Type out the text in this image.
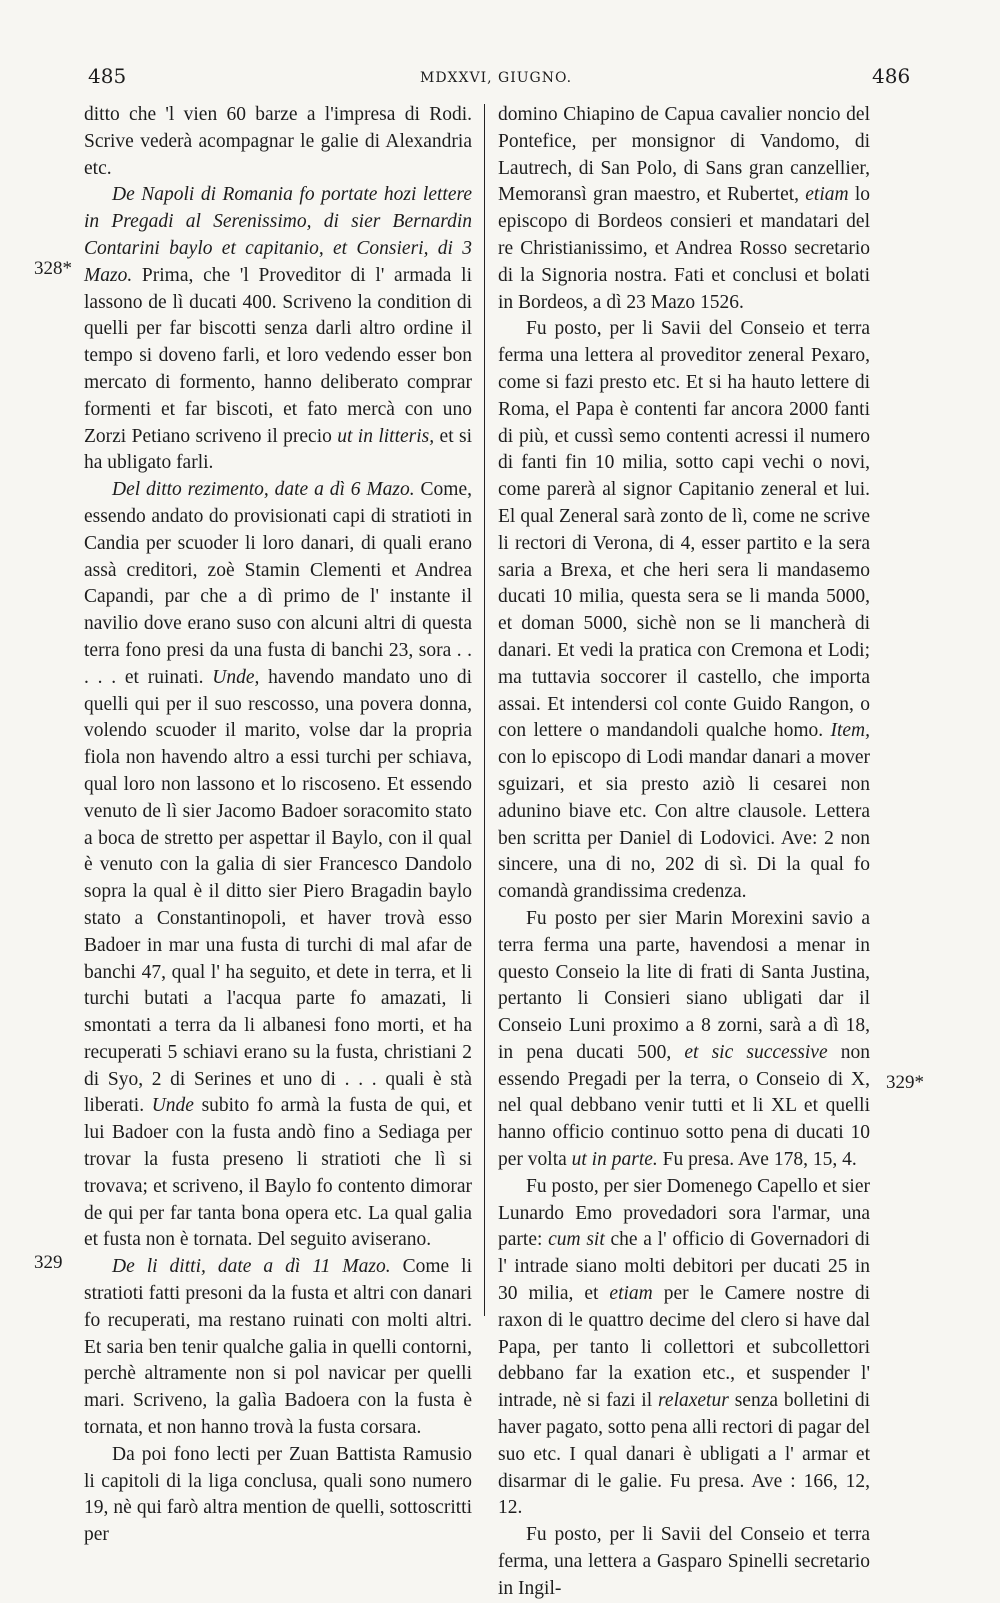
485	MDXXVI, GIUGNO.	486
328*
329
329*

ditto che 'l vien 60 barze a l'impresa di Rodi. Scrive vederà acompagnar le galie di Alexandria etc.

De Napoli di Romania fo portate hozi lettere in Pregadi al Serenissimo, di sier Bernardin Contarini baylo et capitanio, et Consieri, di 3 Mazo. Prima, che 'l Proveditor di l' armada li lassono de lì ducati 400. Scriveno la condition di quelli per far biscotti senza darli altro ordine il tempo si doveno farli, et loro vedendo esser bon mercato di formento, hanno deliberato comprar formenti et far biscoti, et fato mercà con uno Zorzi Petiano scriveno il precio ut in litteris, et si ha ubligato farli.

Del ditto rezimento, date a dì 6 Mazo. Come, essendo andato do provisionati capi di stratioti in Candia per scuoder li loro danari, di quali erano assà creditori, zoè Stamin Clementi et Andrea Capandi, par che a dì primo de l' instante il navilio dove erano suso con alcuni altri di questa terra fono presi da una fusta di banchi 23, sora . . . . . et ruinati. Unde, havendo mandato uno di quelli qui per il suo rescosso, una povera donna, volendo scuoder il marito, volse dar la propria fiola non havendo altro a essi turchi per schiava, qual loro non lassono et lo riscoseno. Et essendo venuto de lì sier Jacomo Badoer soracomito stato a boca de stretto per aspettar il Baylo, con il qual è venuto con la galia di sier Francesco Dandolo sopra la qual è il ditto sier Piero Bragadin baylo stato a Constantinopoli, et haver trovà esso Badoer in mar una fusta di turchi di mal afar de banchi 47, qual l' ha seguito, et dete in terra, et li turchi butati a l'acqua parte fo amazati, li smontati a terra da li albanesi fono morti, et ha recuperati 5 schiavi erano su la fusta, christiani 2 di Syo, 2 di Serines et uno di . . . quali è stà liberati. Unde subito fo armà la fusta de qui, et lui Badoer con la fusta andò fino a Sediaga per trovar la fusta preseno li stratioti che lì si trovava; et scriveno, il Baylo fo contento dimorar de qui per far tanta bona opera etc. La qual galia et fusta non è tornata. Del seguito aviserano.

De li ditti, date a dì 11 Mazo. Come li stratioti fatti presoni da la fusta et altri con danari fo recuperati, ma restano ruinati con molti altri. Et saria ben tenir qualche galia in quelli contorni, perchè altramente non si pol navicar per quelli mari. Scriveno, la galìa Badoera con la fusta è tornata, et non hanno trovà la fusta corsara.

Da poi fono lecti per Zuan Battista Ramusio li capitoli di la liga conclusa, quali sono numero 19, nè qui farò altra mention de quelli, sottoscritti per

domino Chiapino de Capua cavalier noncio del Pontefice, per monsignor di Vandomo, di Lautrech, di San Polo, di Sans gran canzellier, Memoransì gran maestro, et Rubertet, etiam lo episcopo di Bordeos consieri et mandatari del re Christianissimo, et Andrea Rosso secretario di la Signoria nostra. Fati et conclusi et bolati in Bordeos, a dì 23 Mazo 1526.

Fu posto, per li Savii del Conseio et terra ferma una lettera al proveditor zeneral Pexaro, come si fazi presto etc. Et si ha hauto lettere di Roma, el Papa è contenti far ancora 2000 fanti di più, et cussì semo contenti acressi il numero di fanti fin 10 milia, sotto capi vechi o novi, come parerà al signor Capitanio zeneral et lui. El qual Zeneral sarà zonto de lì, come ne scrive li rectori di Verona, di 4, esser partito e la sera saria a Brexa, et che heri sera li mandasemo ducati 10 milia, questa sera se li manda 5000, et doman 5000, sichè non se li mancherà di danari. Et vedi la pratica con Cremona et Lodi; ma tuttavia soccorer il castello, che importa assai. Et intendersi col conte Guido Rangon, o con lettere o mandandoli qualche homo. Item, con lo episcopo di Lodi mandar danari a mover sguizari, et sia presto aziò li cesarei non adunino biave etc. Con altre clausole. Lettera ben scritta per Daniel di Lodovici. Ave: 2 non sincere, una di no, 202 di sì. Di la qual fo comandà grandissima credenza.

Fu posto per sier Marin Morexini savio a terra ferma una parte, havendosi a menar in questo Conseio la lite di frati di Santa Justina, pertanto li Consieri siano ubligati dar il Conseio Luni proximo a 8 zorni, sarà a dì 18, in pena ducati 500, et sic successive non essendo Pregadi per la terra, o Conseio di X, nel qual debbano venir tutti et li XL et quelli hanno officio continuo sotto pena di ducati 10 per volta ut in parte. Fu presa. Ave 178, 15, 4.

Fu posto, per sier Domenego Capello et sier Lunardo Emo provedadori sora l'armar, una parte: cum sit che a l' officio di Governadori di l' intrade siano molti debitori per ducati 25 in 30 milia, et etiam per le Camere nostre di raxon di le quattro decime del clero si have dal Papa, per tanto li collettori et subcollettori debbano far la exation etc., et suspender l' intrade, nè si fazi il relaxetur senza bolletini di haver pagato, sotto pena alli rectori di pagar del suo etc. I qual danari è ubligati a l' armar et disarmar di le galie. Fu presa. Ave : 166, 12, 12.

Fu posto, per li Savii del Conseio et terra ferma, una lettera a Gasparo Spinelli secretario in Ingil-
